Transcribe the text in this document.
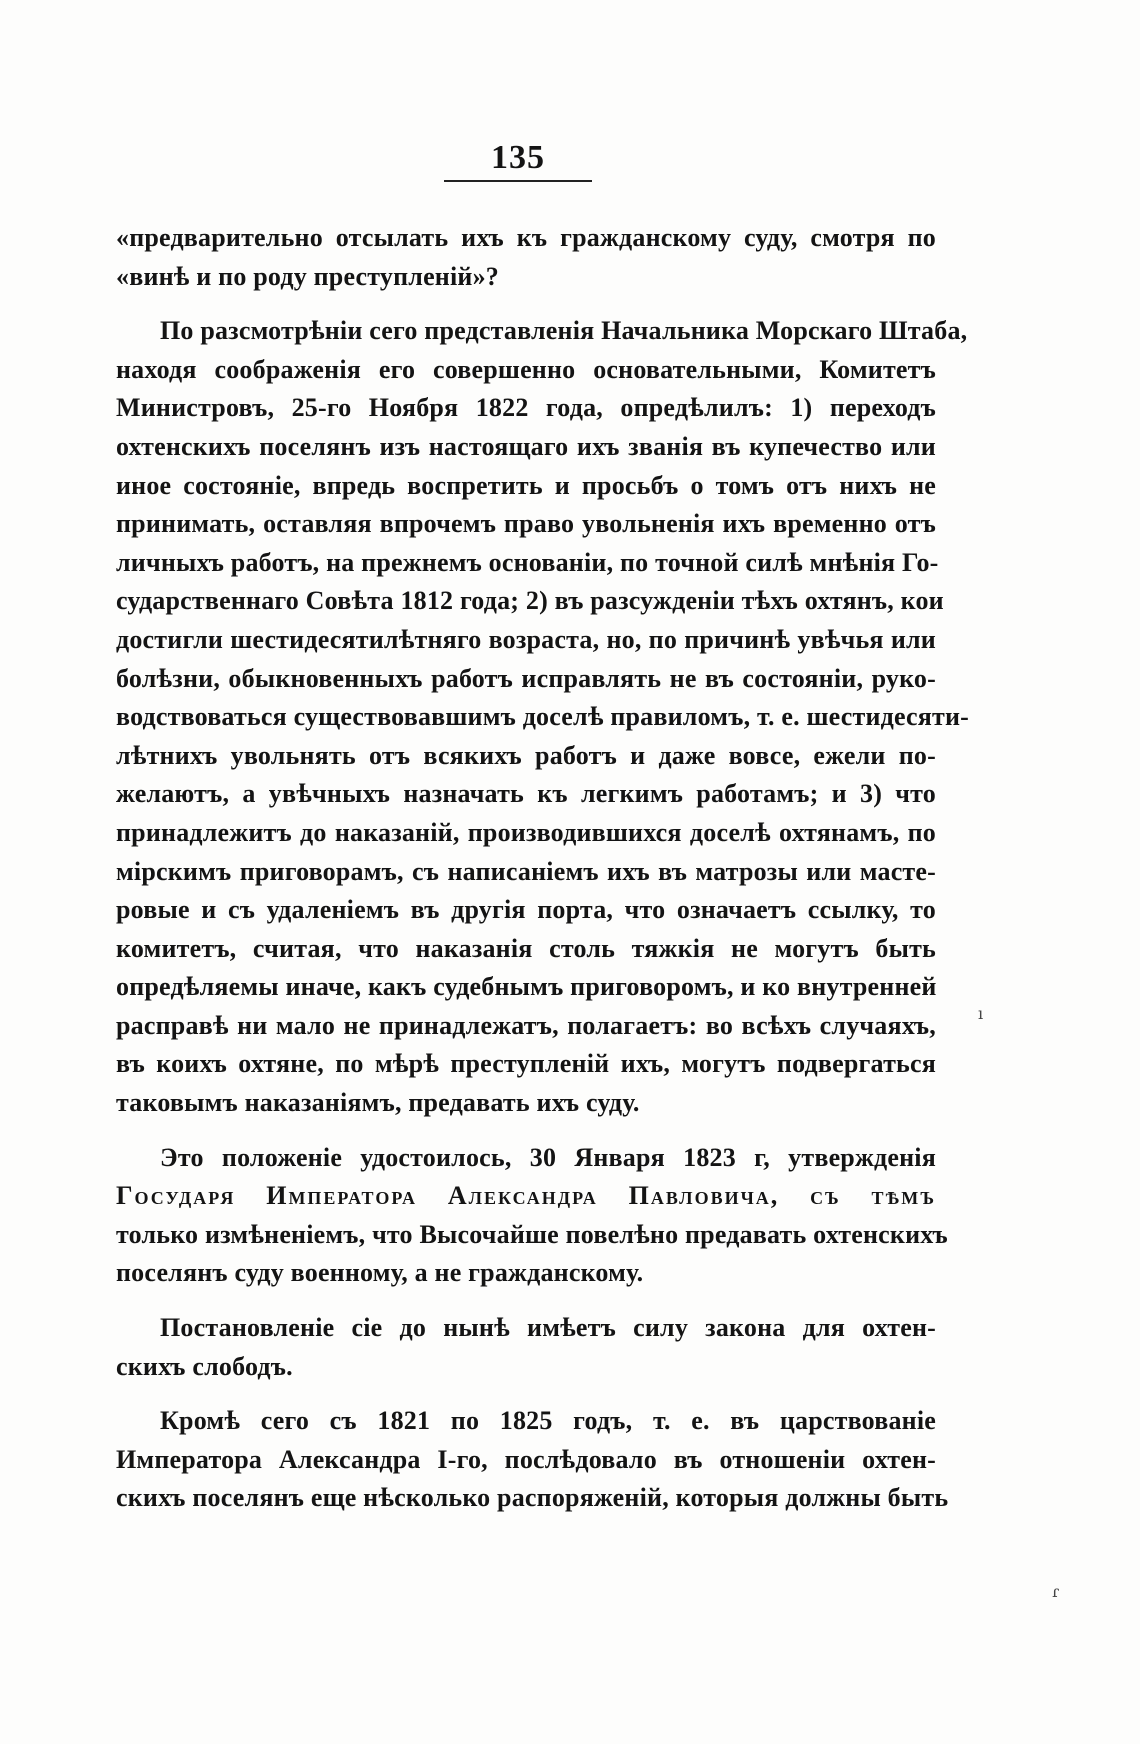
135
«предварительно отсылать ихъ къ гражданскому суду, смотря по
«винѣ и по роду преступленій»?
По разсмотрѣніи сего представленія Начальника Морскаго Штаба,
находя соображенія его совершенно основательными, Комитетъ
Министровъ, 25-го Ноября 1822 года, опредѣлилъ: 1) переходъ
охтенскихъ поселянъ изъ настоящаго ихъ званія въ купечество или
иное состояніе, впредь воспретить и просьбъ о томъ отъ нихъ не
принимать, оставляя впрочемъ право увольненія ихъ временно отъ
личныхъ работъ, на прежнемъ основаніи, по точной силѣ мнѣнія Го-
сударственнаго Совѣта 1812 года; 2) въ разсужденіи тѣхъ охтянъ, кои
достигли шестидесятилѣтняго возраста, но, по причинѣ увѣчья или
болѣзни, обыкновенныхъ работъ исправлять не въ состояніи, руко-
водствоваться существовавшимъ доселѣ правиломъ, т. е. шестидесяти-
лѣтнихъ увольнять отъ всякихъ работъ и даже вовсе, ежели по-
желаютъ, а увѣчныхъ назначать къ легкимъ работамъ; и 3) что
принадлежитъ до наказаній, производившихся доселѣ охтянамъ, по
мірскимъ приговорамъ, съ написаніемъ ихъ въ матрозы или масте-
ровые и съ удаленіемъ въ другія порта, что означаетъ ссылку, то
комитетъ, считая, что наказанія столь тяжкія не могутъ быть
опредѣляемы иначе, какъ судебнымъ приговоромъ, и ко внутренней
расправѣ ни мало не принадлежатъ, полагаетъ: во всѣхъ случаяхъ,
въ коихъ охтяне, по мѣрѣ преступленій ихъ, могутъ подвергаться
таковымъ наказаніямъ, предавать ихъ суду.
Это положеніе удостоилось, 30 Января 1823 г, утвержденія
Государя Императора Александра Павловича, съ тѣмъ
только измѣненіемъ, что Высочайше повелѣно предавать охтенскихъ
поселянъ суду военному, а не гражданскому.
Постановленіе сіе до нынѣ имѣетъ силу закона для охтен-
скихъ слободъ.
Кромѣ сего съ 1821 по 1825 годъ, т. е. въ царствованіе
Императора Александра I-го, послѣдовало въ отношеніи охтен-
скихъ поселянъ еще нѣсколько распоряженій, которыя должны быть
ı
ɾ
